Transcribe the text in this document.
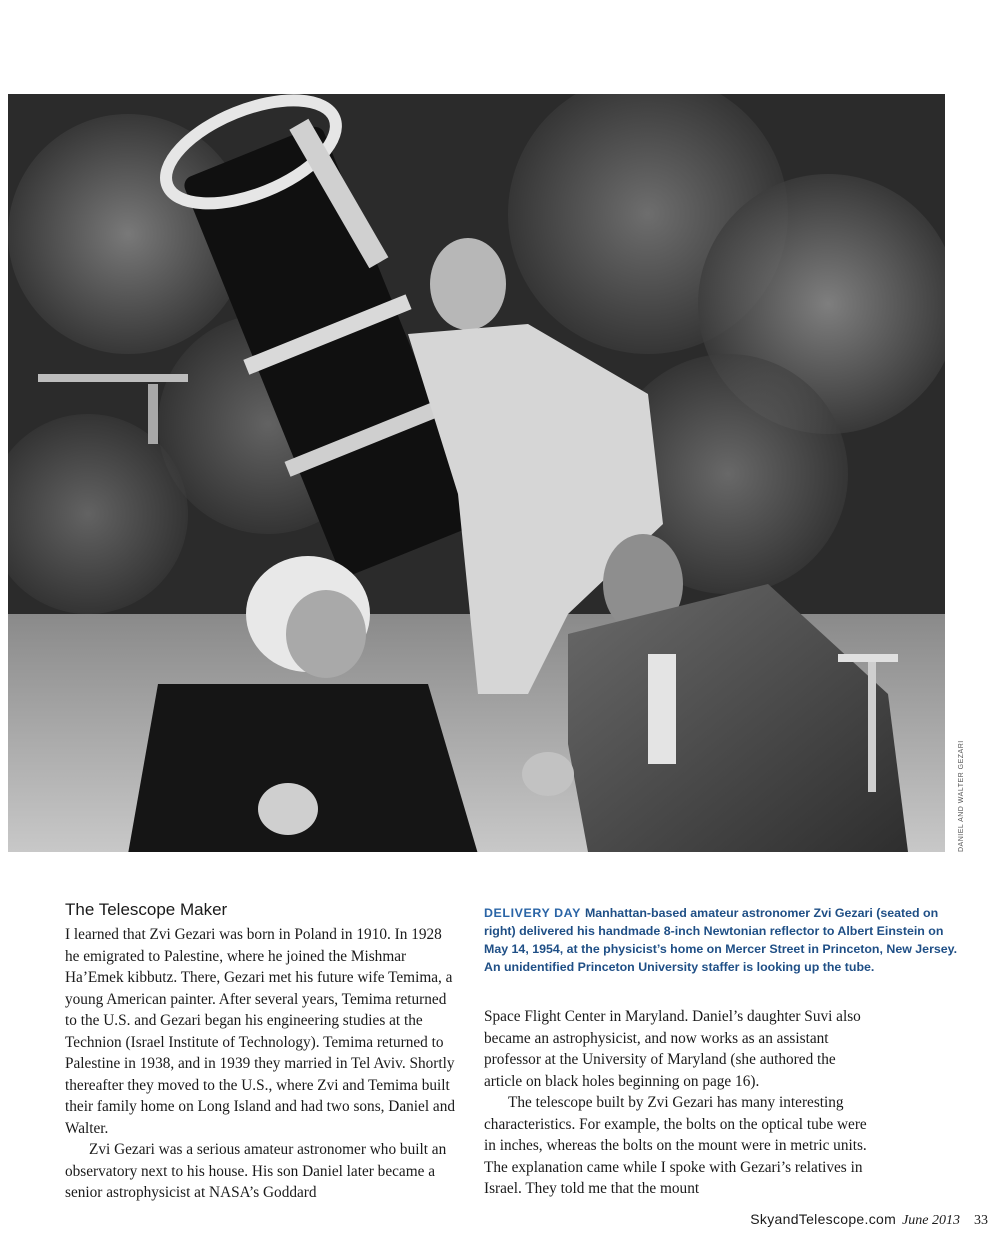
DANIEL AND WALTER GEZARI
The Telescope Maker

I learned that Zvi Gezari was born in Poland in 1910. In 1928 he emigrated to Palestine, where he joined the Mishmar Ha’Emek kibbutz. There, Gezari met his future wife Temima, a young American painter. After several years, Temima returned to the U.S. and Gezari began his engineering studies at the Technion (Israel Institute of Technology). Temima returned to Palestine in 1938, and in 1939 they married in Tel Aviv. Shortly thereafter they moved to the U.S., where Zvi and Temima built their family home on Long Island and had two sons, Daniel and Walter.

Zvi Gezari was a serious amateur astronomer who built an observatory next to his house. His son Daniel later became a senior astrophysicist at NASA’s Goddard

DELIVERY DAY Manhattan-based amateur astronomer Zvi Gezari (seated on right) delivered his handmade 8-inch Newtonian reflector to Albert Einstein on May 14, 1954, at the physicist’s home on Mercer Street in Princeton, New Jersey. An unidentified Princeton University staffer is looking up the tube.

Space Flight Center in Maryland. Daniel’s daughter Suvi also became an astrophysicist, and now works as an assistant professor at the University of Maryland (she authored the article on black holes beginning on page 16).

The telescope built by Zvi Gezari has many interesting characteristics. For example, the bolts on the optical tube were in inches, whereas the bolts on the mount were in metric units. The explanation came while I spoke with Gezari’s relatives in Israel. They told me that the mount

SkyandTelescope.com June 2013 33
